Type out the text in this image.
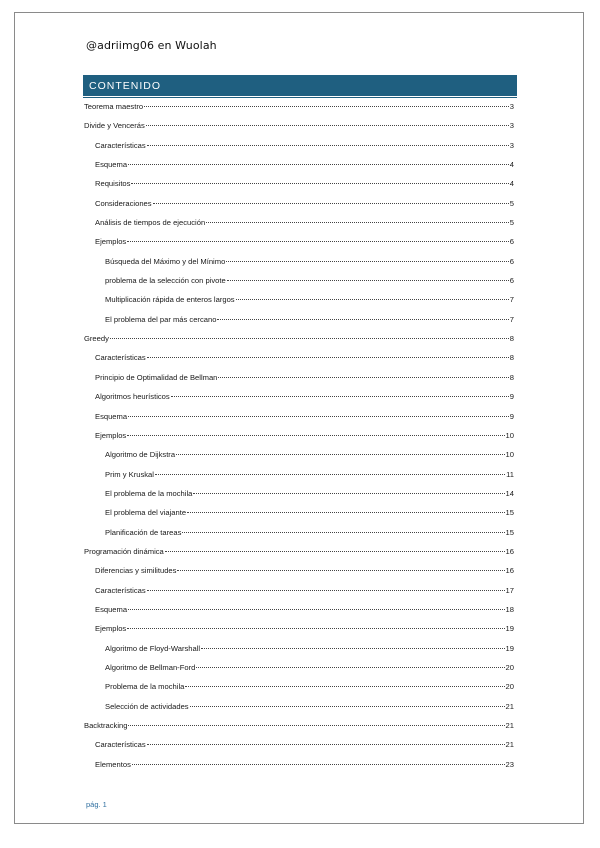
@adriimg06 en Wuolah
CONTENIDO
Teorema maestro	3
Divide y Vencerás	3
Características	3
Esquema	4
Requisitos	4
Consideraciones	5
Análisis de tiempos de ejecución	5
Ejemplos	6
Búsqueda del Máximo y del Mínimo	6
problema de la selección con pivote	6
Multiplicación rápida de enteros largos	7
El problema del par más cercano	7
Greedy	8
Características	8
Principio de Optimalidad de Bellman	8
Algoritmos heurísticos	9
Esquema	9
Ejemplos	10
Algoritmo de Dijkstra	10
Prim y Kruskal	11
El problema de la mochila	14
El problema del viajante	15
Planificación de tareas	15
Programación dinámica	16
Diferencias y similitudes	16
Características	17
Esquema	18
Ejemplos	19
Algoritmo de Floyd-Warshall	19
Algoritmo de Bellman-Ford	20
Problema de la mochila	20
Selección de actividades	21
Backtracking	21
Características	21
Elementos	23
pág. 1
